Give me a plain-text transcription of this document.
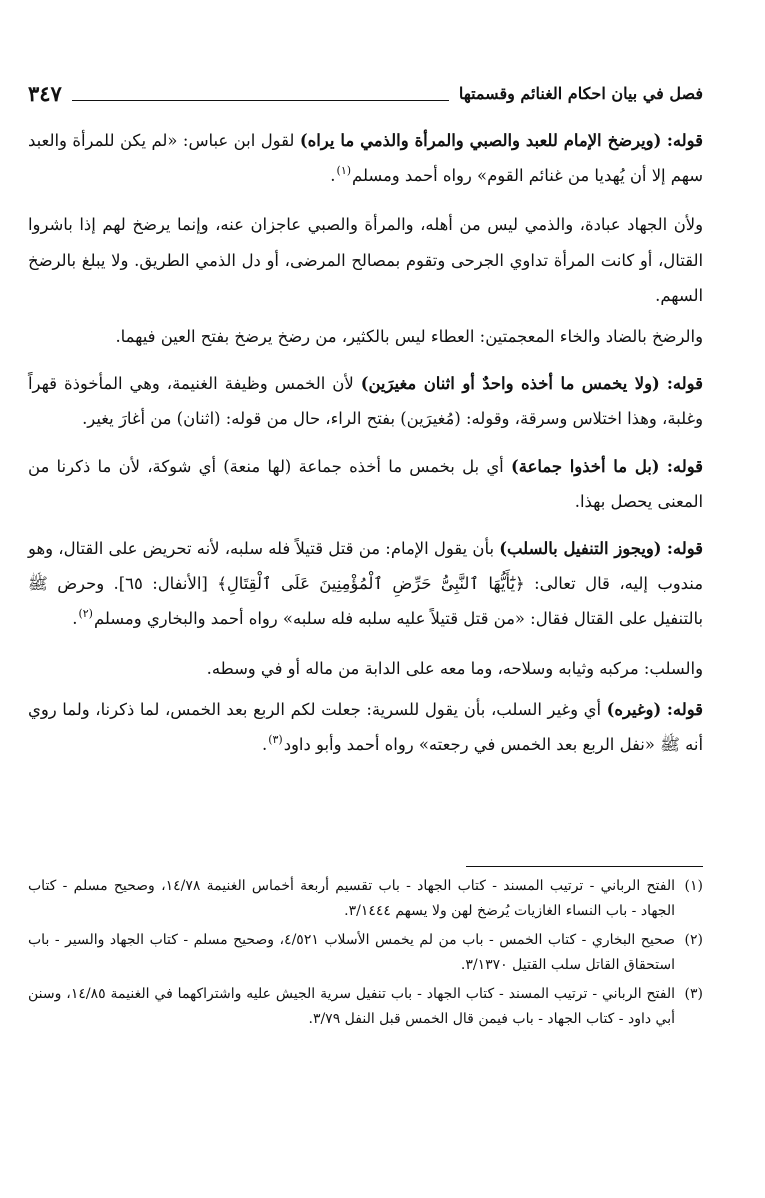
فصل في بيان احكام الغنائم وقسمتها
٣٤٧

قوله: (ويرضخ الإمام للعبد والصبي والمرأة والذمي ما يراه) لقول ابن عباس: «لم يكن للمرأة والعبد سهم إلا أن يُهديا من غنائم القوم» رواه أحمد ومسلم$^{(١)}$.

ولأن الجهاد عبادة، والذمي ليس من أهله، والمرأة والصبي عاجزان عنه، وإنما يرضخ لهم إذا باشروا القتال، أو كانت المرأة تداوي الجرحى وتقوم بمصالح المرضى، أو دل الذمي الطريق. ولا يبلغ بالرضخ السهم.

والرضخ بالضاد والخاء المعجمتين: العطاء ليس بالكثير، من رضخ يرضخ بفتح العين فيهما.

قوله: (ولا يخمس ما أخذه واحدٌ أو اثنان مغيرَين) لأن الخمس وظيفة الغنيمة، وهي المأخوذة قهراً وغلبة، وهذا اختلاس وسرقة، وقوله: (مُغيرَين) بفتح الراء، حال من قوله: (اثنان) من أغارَ يغير.

قوله: (بل ما أخذوا جماعة) أي بل بخمس ما أخذه جماعة (لها منعة) أي شوكة، لأن ما ذكرنا من المعنى يحصل بهذا.

قوله: (ويجوز التنفيل بالسلب) بأن يقول الإمام: من قتل قتيلاً فله سلبه، لأنه تحريض على القتال، وهو مندوب إليه، قال تعالى: ﴿يَٰٓأَيُّهَا ٱلنَّبِىُّ حَرِّضِ ٱلْمُؤْمِنِينَ عَلَى ٱلْقِتَالِ﴾ [الأنفال: ٦٥]. وحرض ﷺ بالتنفيل على القتال فقال: «من قتل قتيلاً عليه سلبه فله سلبه» رواه أحمد والبخاري ومسلم$^{(٢)}$.

والسلب: مركبه وثيابه وسلاحه، وما معه على الدابة من ماله أو في وسطه.

قوله: (وغيره) أي وغير السلب، بأن يقول للسرية: جعلت لكم الربع بعد الخمس، لما ذكرنا، ولما روي أنه ﷺ «نفل الربع بعد الخمس في رجعته» رواه أحمد وأبو داود$^{(٣)}$.

(١)
الفتح الرباني - ترتيب المسند - كتاب الجهاد - باب تقسيم أربعة أخماس الغنيمة ١٤/٧٨، وصحيح مسلم - كتاب الجهاد - باب النساء الغازيات يُرضخ لهن ولا يسهم ٣/١٤٤٤.
(٢)
صحيح البخاري - كتاب الخمس - باب من لم يخمس الأسلاب ٤/٥٢١، وصحيح مسلم - كتاب الجهاد والسير - باب استحقاق القاتل سلب القتيل ٣/١٣٧٠.
(٣)
الفتح الرباني - ترتيب المسند - كتاب الجهاد - باب تنفيل سرية الجيش عليه واشتراكهما في الغنيمة ١٤/٨٥، وسنن أبي داود - كتاب الجهاد - باب فيمن قال الخمس قبل النفل ٣/٧٩.
